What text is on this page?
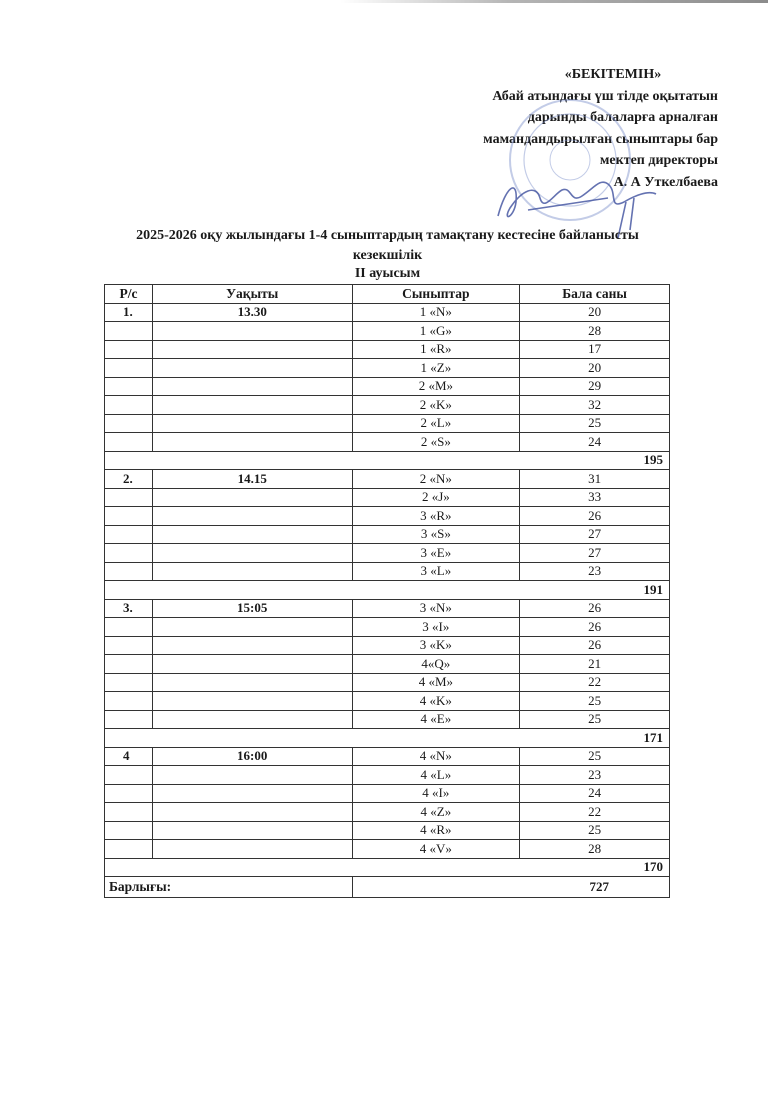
«БЕКІТЕМІН»
Абай атындағы үш тілде оқытатын
дарынды балаларға арналған
мамандандырылған сыныптары бар
мектеп директоры
А. А Уткелбаева
2025-2026 оқу жылындағы 1-4 сыныптардың тамақтану кестесіне байланысты
кезекшілік
II ауысым
Р/с	Уақыты	Сыныптар	Бала саны
1.	13.30	1 «N»	20
		1 «G»	28
		1 «R»	17
		1 «Z»	20
		2 «M»	29
		2 «K»	32
		2 «L»	25
		2 «S»	24
195			
2.	14.15	2 «N»	31
		2 «J»	33
		3 «R»	26
		3 «S»	27
		3 «E»	27
		3 «L»	23
191			
3.	15:05	3 «N»	26
		3 «I»	26
		3 «K»	26
		4«Q»	21
		4 «M»	22
		4 «K»	25
		4 «E»	25
171			
4	16:00	4 «N»	25
		4 «L»	23
		4 «I»	24
		4 «Z»	22
		4 «R»	25
		4 «V»	28
170			
Барлығы:		727	
